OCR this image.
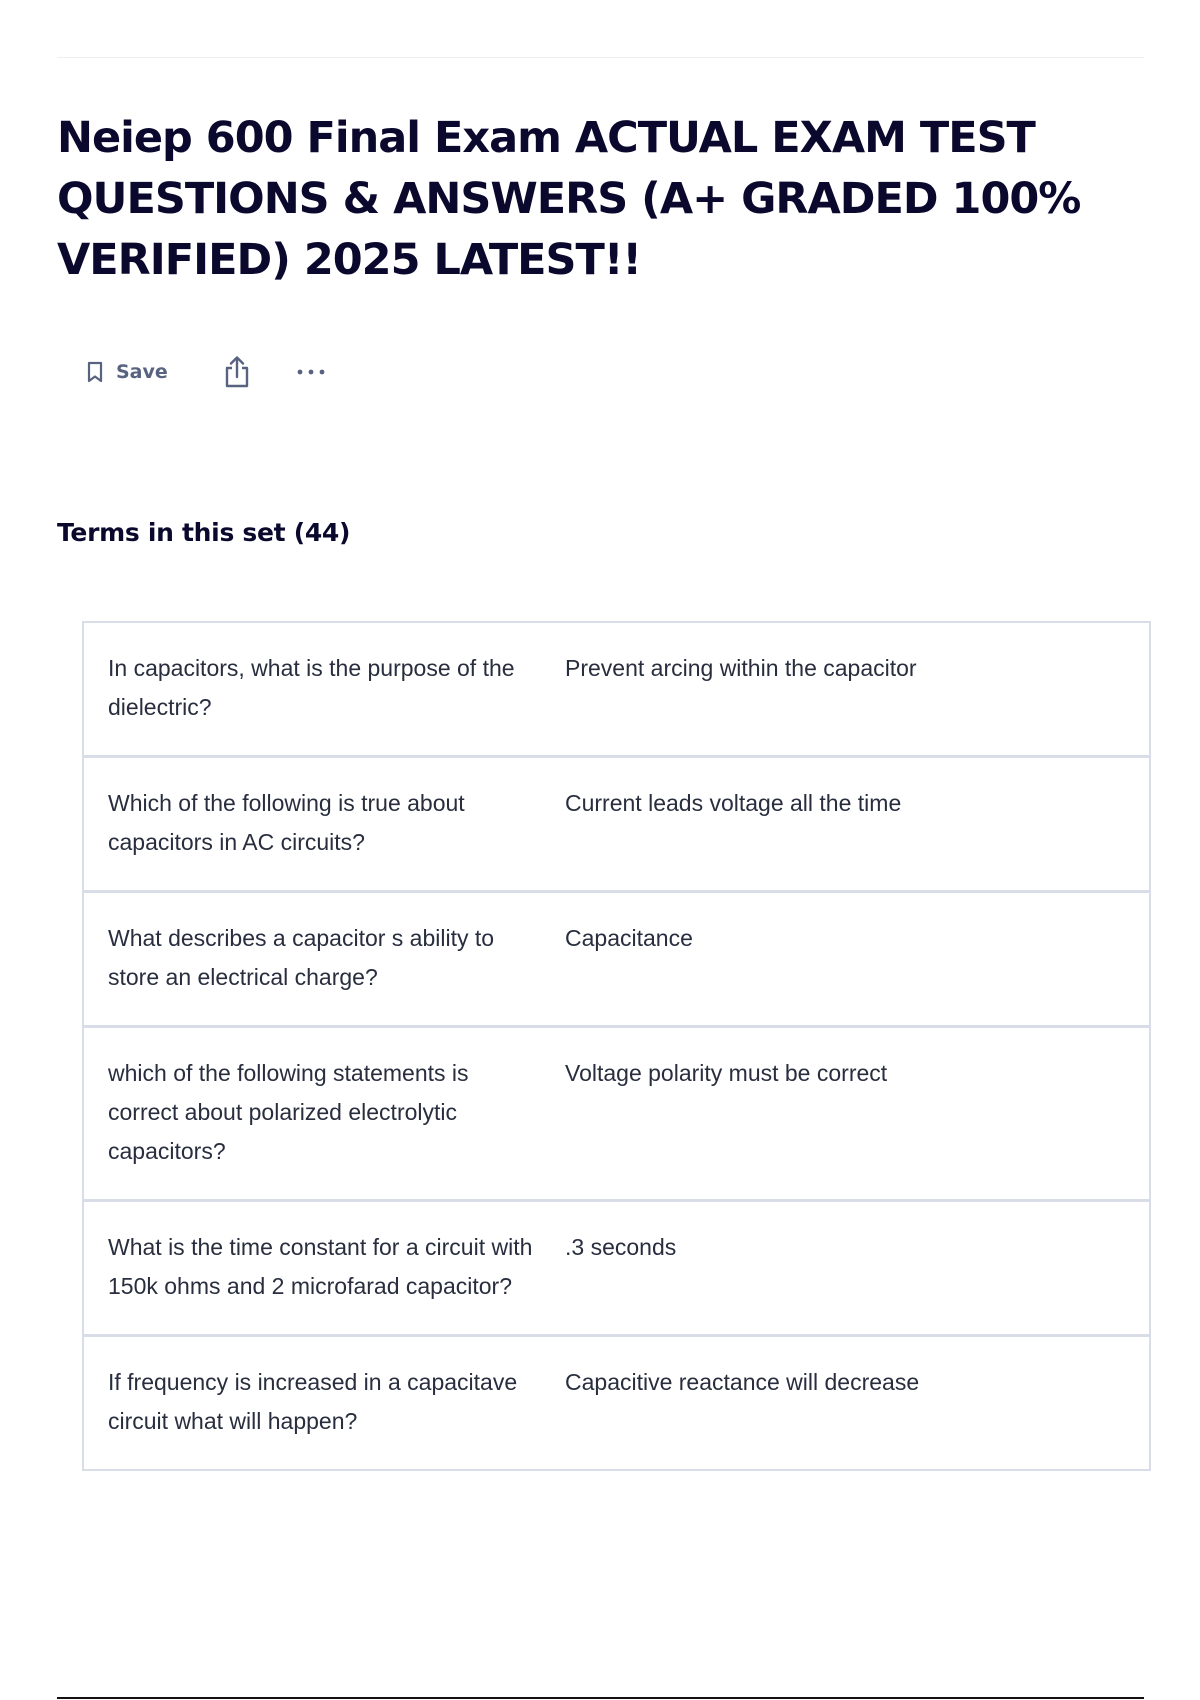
Neiep 600 Final Exam ACTUAL EXAM TEST QUESTIONS & ANSWERS (A+ GRADED 100% VERIFIED) 2025 LATEST!!
Save
Terms in this set (44)
In capacitors, what is the purpose of the dielectric?
Prevent arcing within the capacitor
Which of the following is true about capacitors in AC circuits?
Current leads voltage all the time
What describes a capacitor s ability to store an electrical charge?
Capacitance
which of the following statements is correct about polarized electrolytic capacitors?
Voltage polarity must be correct
What is the time constant for a circuit with 150k ohms and 2 microfarad capacitor?
.3 seconds
If frequency is increased in a capacitave circuit what will happen?
Capacitive reactance will decrease
